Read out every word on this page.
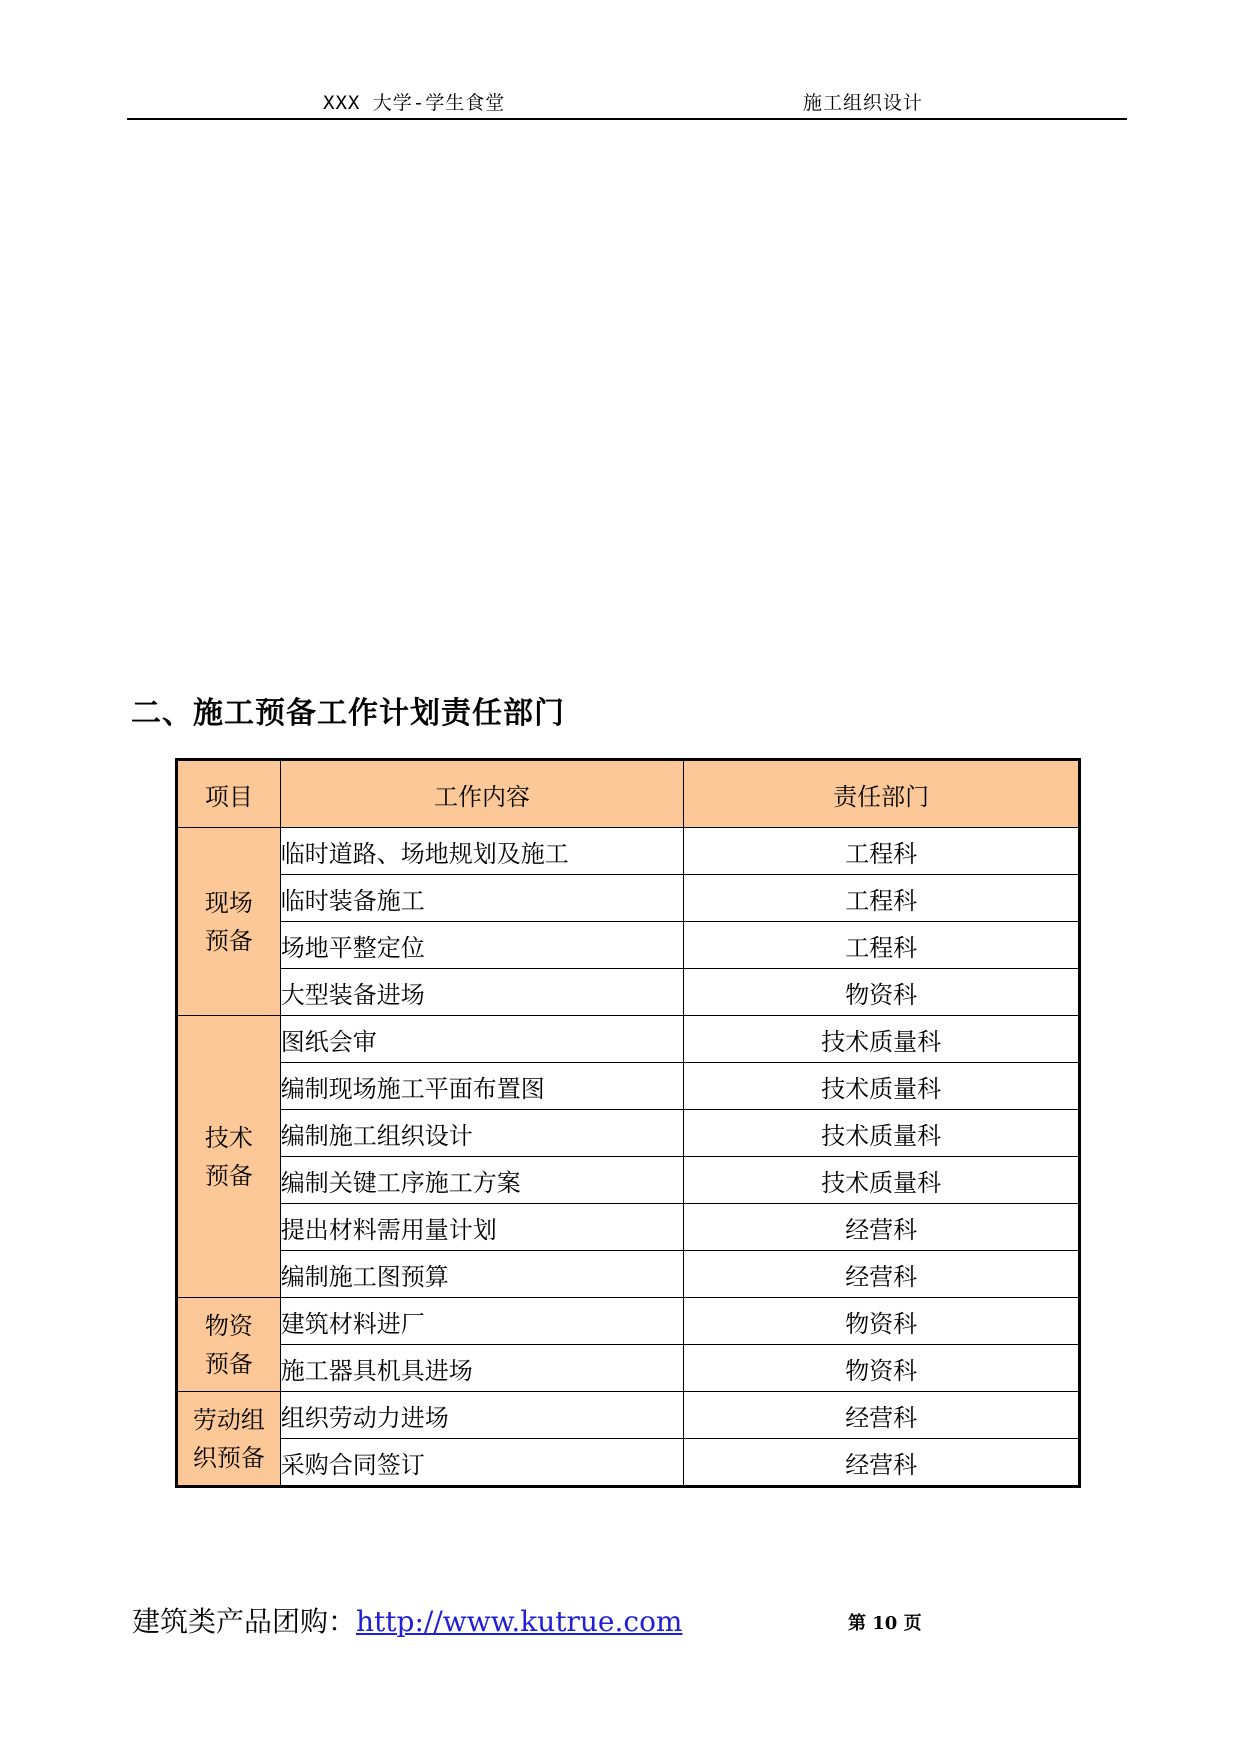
XXX 大学-学生食堂	施工组织设计
二、施工预备工作计划责任部门
项目	工作内容	责任部门

现场
预备	临时道路、场地规划及施工	工程科
	临时装备施工	工程科
	场地平整定位	工程科
	大型装备进场	物资科

技术
预备	图纸会审	技术质量科
	编制现场施工平面布置图	技术质量科
	编制施工组织设计	技术质量科
	编制关键工序施工方案	技术质量科
	提出材料需用量计划	经营科
	编制施工图预算	经营科

物资
预备	建筑材料进厂	物资科
	施工器具机具进场	物资科

劳动组
织预备	组织劳动力进场	经营科
	采购合同签订	经营科
建筑类产品团购：http://www.kutrue.com	第 10 页
